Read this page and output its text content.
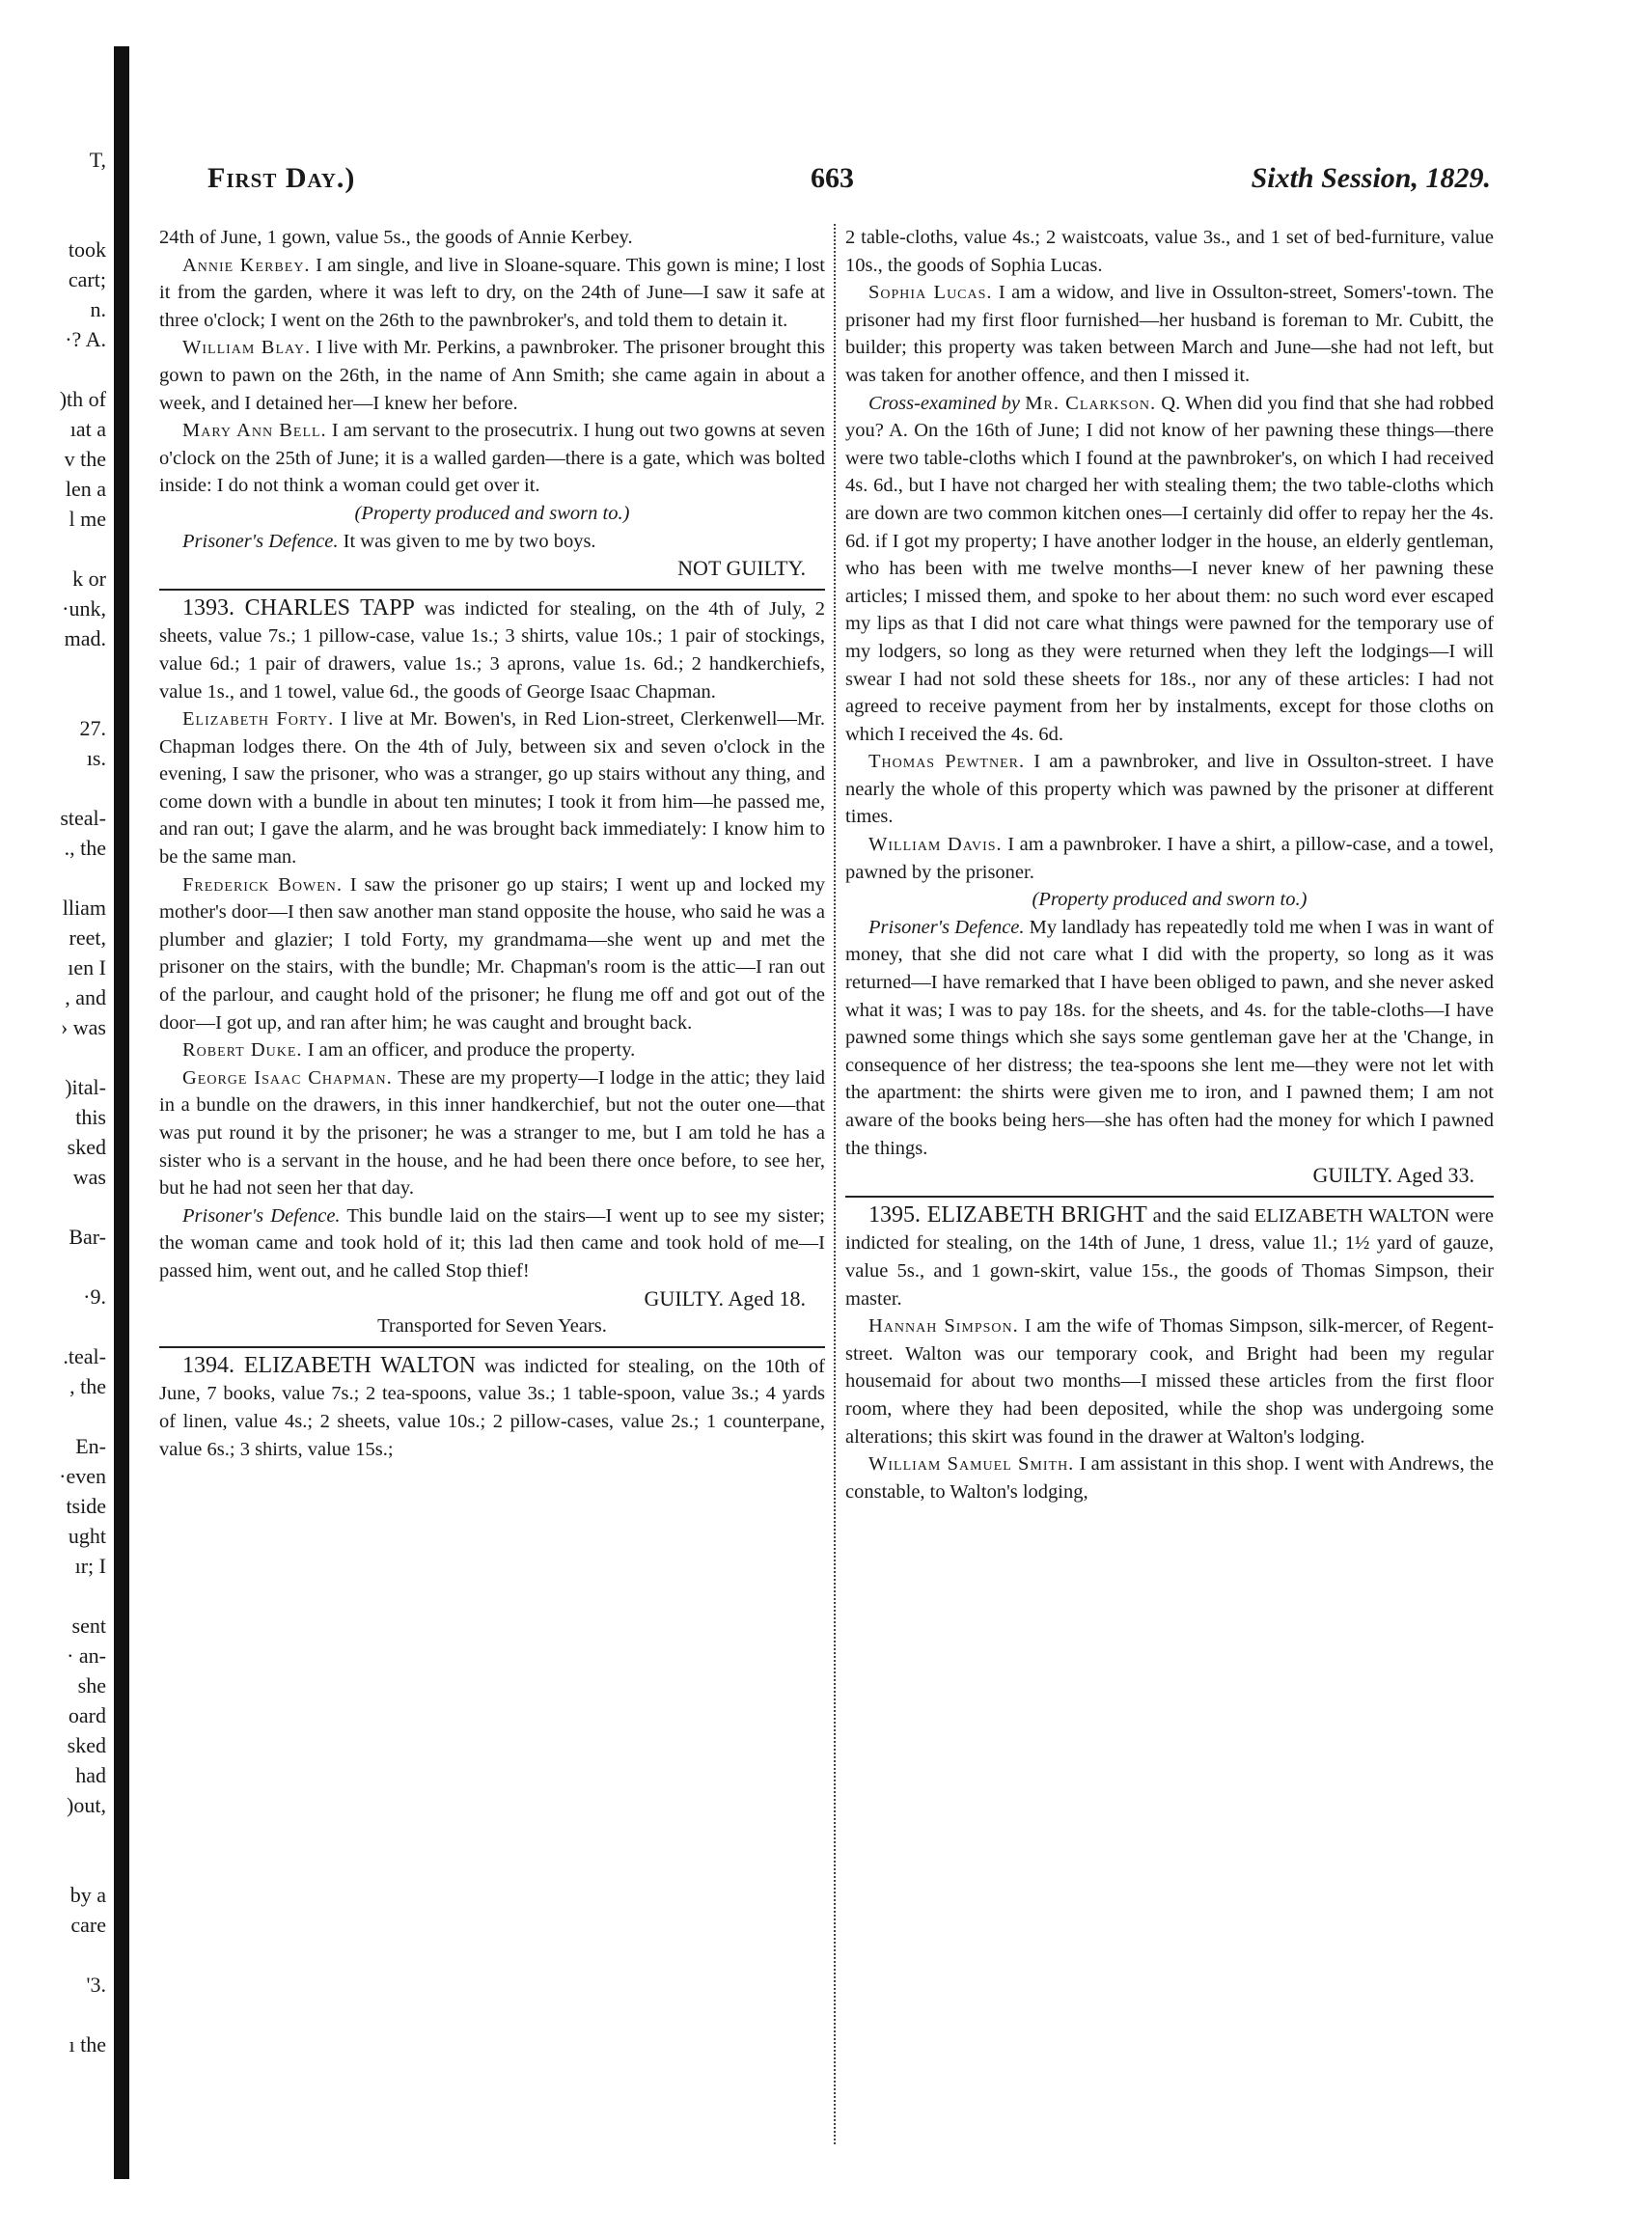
T,

took
cart;
n.
·? A.

)th of
ıat a
v the
len a
l me

k or
·unk,
mad.

27.
ıs.

steal-
., the

lliam
reet,
ıen I
, and
› was

)ital-
this
sked
was

Bar-

·9.

.teal-
, the

En-
·even
tside
ught
ır; I

sent
· an-
she
oard
sked
had
)out,

by a
care

'3.

ı the
First Day.)	663	Sixth Session, 1829.

24th of June, 1 gown, value 5s., the goods of Annie Kerbey.

Annie Kerbey. I am single, and live in Sloane-square. This gown is mine; I lost it from the garden, where it was left to dry, on the 24th of June—I saw it safe at three o'clock; I went on the 26th to the pawnbroker's, and told them to detain it.

William Blay. I live with Mr. Perkins, a pawnbroker. The prisoner brought this gown to pawn on the 26th, in the name of Ann Smith; she came again in about a week, and I detained her—I knew her before.

Mary Ann Bell. I am servant to the prosecutrix. I hung out two gowns at seven o'clock on the 25th of June; it is a walled garden—there is a gate, which was bolted inside: I do not think a woman could get over it.

(Property produced and sworn to.)

Prisoner's Defence. It was given to me by two boys.

NOT GUILTY.

1393. CHARLES TAPP was indicted for stealing, on the 4th of July, 2 sheets, value 7s.; 1 pillow-case, value 1s.; 3 shirts, value 10s.; 1 pair of stockings, value 6d.; 1 pair of drawers, value 1s.; 3 aprons, value 1s. 6d.; 2 handkerchiefs, value 1s., and 1 towel, value 6d., the goods of George Isaac Chapman.

Elizabeth Forty. I live at Mr. Bowen's, in Red Lion-street, Clerkenwell—Mr. Chapman lodges there. On the 4th of July, between six and seven o'clock in the evening, I saw the prisoner, who was a stranger, go up stairs without any thing, and come down with a bundle in about ten minutes; I took it from him—he passed me, and ran out; I gave the alarm, and he was brought back immediately: I know him to be the same man.

Frederick Bowen. I saw the prisoner go up stairs; I went up and locked my mother's door—I then saw another man stand opposite the house, who said he was a plumber and glazier; I told Forty, my grandmama—she went up and met the prisoner on the stairs, with the bundle; Mr. Chapman's room is the attic—I ran out of the parlour, and caught hold of the prisoner; he flung me off and got out of the door—I got up, and ran after him; he was caught and brought back.

Robert Duke. I am an officer, and produce the property.

George Isaac Chapman. These are my property—I lodge in the attic; they laid in a bundle on the drawers, in this inner handkerchief, but not the outer one—that was put round it by the prisoner; he was a stranger to me, but I am told he has a sister who is a servant in the house, and he had been there once before, to see her, but he had not seen her that day.

Prisoner's Defence. This bundle laid on the stairs—I went up to see my sister; the woman came and took hold of it; this lad then came and took hold of me—I passed him, went out, and he called Stop thief!

GUILTY. Aged 18.

Transported for Seven Years.

1394. ELIZABETH WALTON was indicted for stealing, on the 10th of June, 7 books, value 7s.; 2 tea-spoons, value 3s.; 1 table-spoon, value 3s.; 4 yards of linen, value 4s.; 2 sheets, value 10s.; 2 pillow-cases, value 2s.; 1 counterpane, value 6s.; 3 shirts, value 15s.;

2 table-cloths, value 4s.; 2 waistcoats, value 3s., and 1 set of bed-furniture, value 10s., the goods of Sophia Lucas.

Sophia Lucas. I am a widow, and live in Ossulton-street, Somers'-town. The prisoner had my first floor furnished—her husband is foreman to Mr. Cubitt, the builder; this property was taken between March and June—she had not left, but was taken for another offence, and then I missed it.

Cross-examined by Mr. Clarkson. Q. When did you find that she had robbed you? A. On the 16th of June; I did not know of her pawning these things—there were two table-cloths which I found at the pawnbroker's, on which I had received 4s. 6d., but I have not charged her with stealing them; the two table-cloths which are down are two common kitchen ones—I certainly did offer to repay her the 4s. 6d. if I got my property; I have another lodger in the house, an elderly gentleman, who has been with me twelve months—I never knew of her pawning these articles; I missed them, and spoke to her about them: no such word ever escaped my lips as that I did not care what things were pawned for the temporary use of my lodgers, so long as they were returned when they left the lodgings—I will swear I had not sold these sheets for 18s., nor any of these articles: I had not agreed to receive payment from her by instalments, except for those cloths on which I received the 4s. 6d.

Thomas Pewtner. I am a pawnbroker, and live in Ossulton-street. I have nearly the whole of this property which was pawned by the prisoner at different times.

William Davis. I am a pawnbroker. I have a shirt, a pillow-case, and a towel, pawned by the prisoner.

(Property produced and sworn to.)

Prisoner's Defence. My landlady has repeatedly told me when I was in want of money, that she did not care what I did with the property, so long as it was returned—I have remarked that I have been obliged to pawn, and she never asked what it was; I was to pay 18s. for the sheets, and 4s. for the table-cloths—I have pawned some things which she says some gentleman gave her at the 'Change, in consequence of her distress; the tea-spoons she lent me—they were not let with the apartment: the shirts were given me to iron, and I pawned them; I am not aware of the books being hers—she has often had the money for which I pawned the things.

GUILTY. Aged 33.

1395. ELIZABETH BRIGHT and the said ELIZABETH WALTON were indicted for stealing, on the 14th of June, 1 dress, value 1l.; 1½ yard of gauze, value 5s., and 1 gown-skirt, value 15s., the goods of Thomas Simpson, their master.

Hannah Simpson. I am the wife of Thomas Simpson, silk-mercer, of Regent-street. Walton was our temporary cook, and Bright had been my regular housemaid for about two months—I missed these articles from the first floor room, where they had been deposited, while the shop was undergoing some alterations; this skirt was found in the drawer at Walton's lodging.

William Samuel Smith. I am assistant in this shop. I went with Andrews, the constable, to Walton's lodging,
